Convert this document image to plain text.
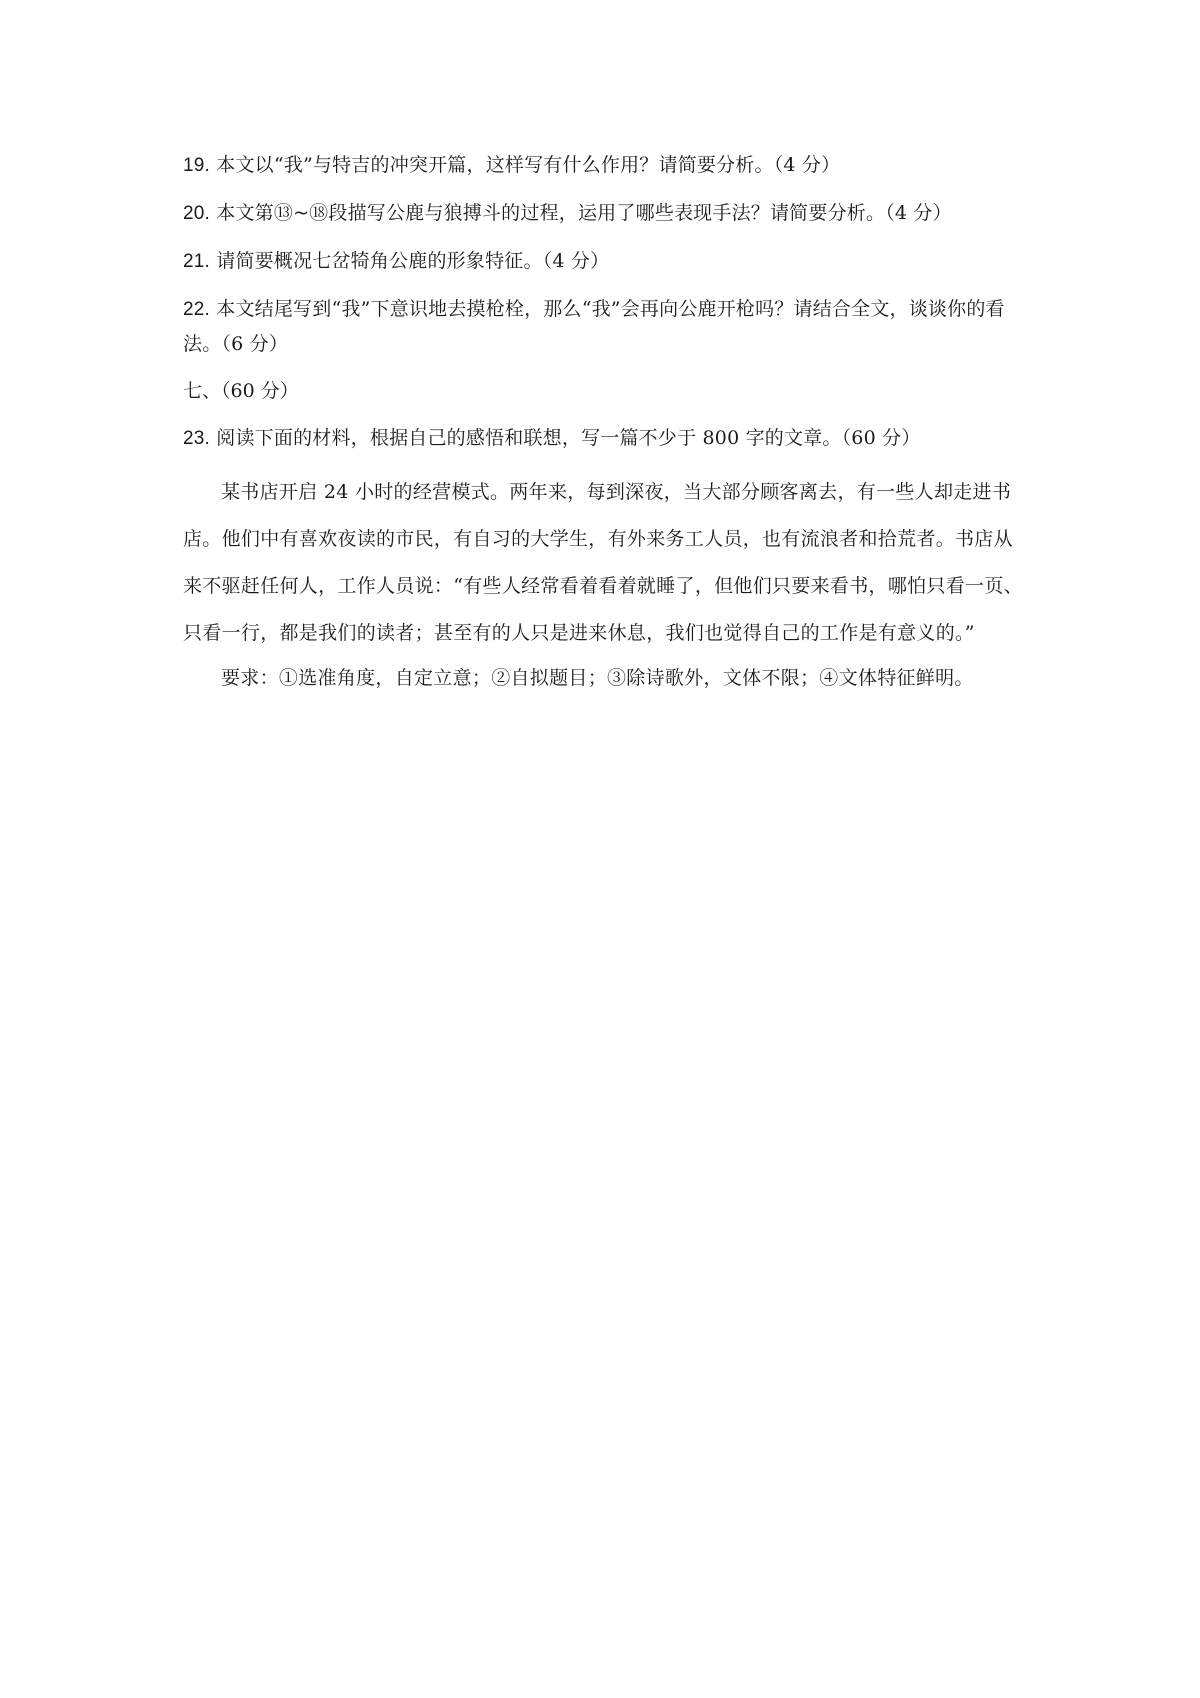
19. 本文以“我”与特吉的冲突开篇，这样写有什么作用？请简要分析。（4 分）

20. 本文第⑬~⑱段描写公鹿与狼搏斗的过程，运用了哪些表现手法？请简要分析。（4 分）

21. 请简要概况七岔犄角公鹿的形象特征。（4 分）

22. 本文结尾写到“我”下意识地去摸枪栓，那么“我”会再向公鹿开枪吗？请结合全文，谈谈你的看法。（6 分）

七、（60 分）

23. 阅读下面的材料，根据自己的感悟和联想，写一篇不少于 800 字的文章。（60 分）

某书店开启 24 小时的经营模式。两年来，每到深夜，当大部分顾客离去，有一些人却走进书店。他们中有喜欢夜读的市民，有自习的大学生，有外来务工人员，也有流浪者和拾荒者。书店从来不驱赶任何人，工作人员说：“有些人经常看着看着就睡了，但他们只要来看书，哪怕只看一页、只看一行，都是我们的读者；甚至有的人只是进来休息，我们也觉得自己的工作是有意义的。”

要求：①选准角度，自定立意；②自拟题目；③除诗歌外，文体不限；④文体特征鲜明。
